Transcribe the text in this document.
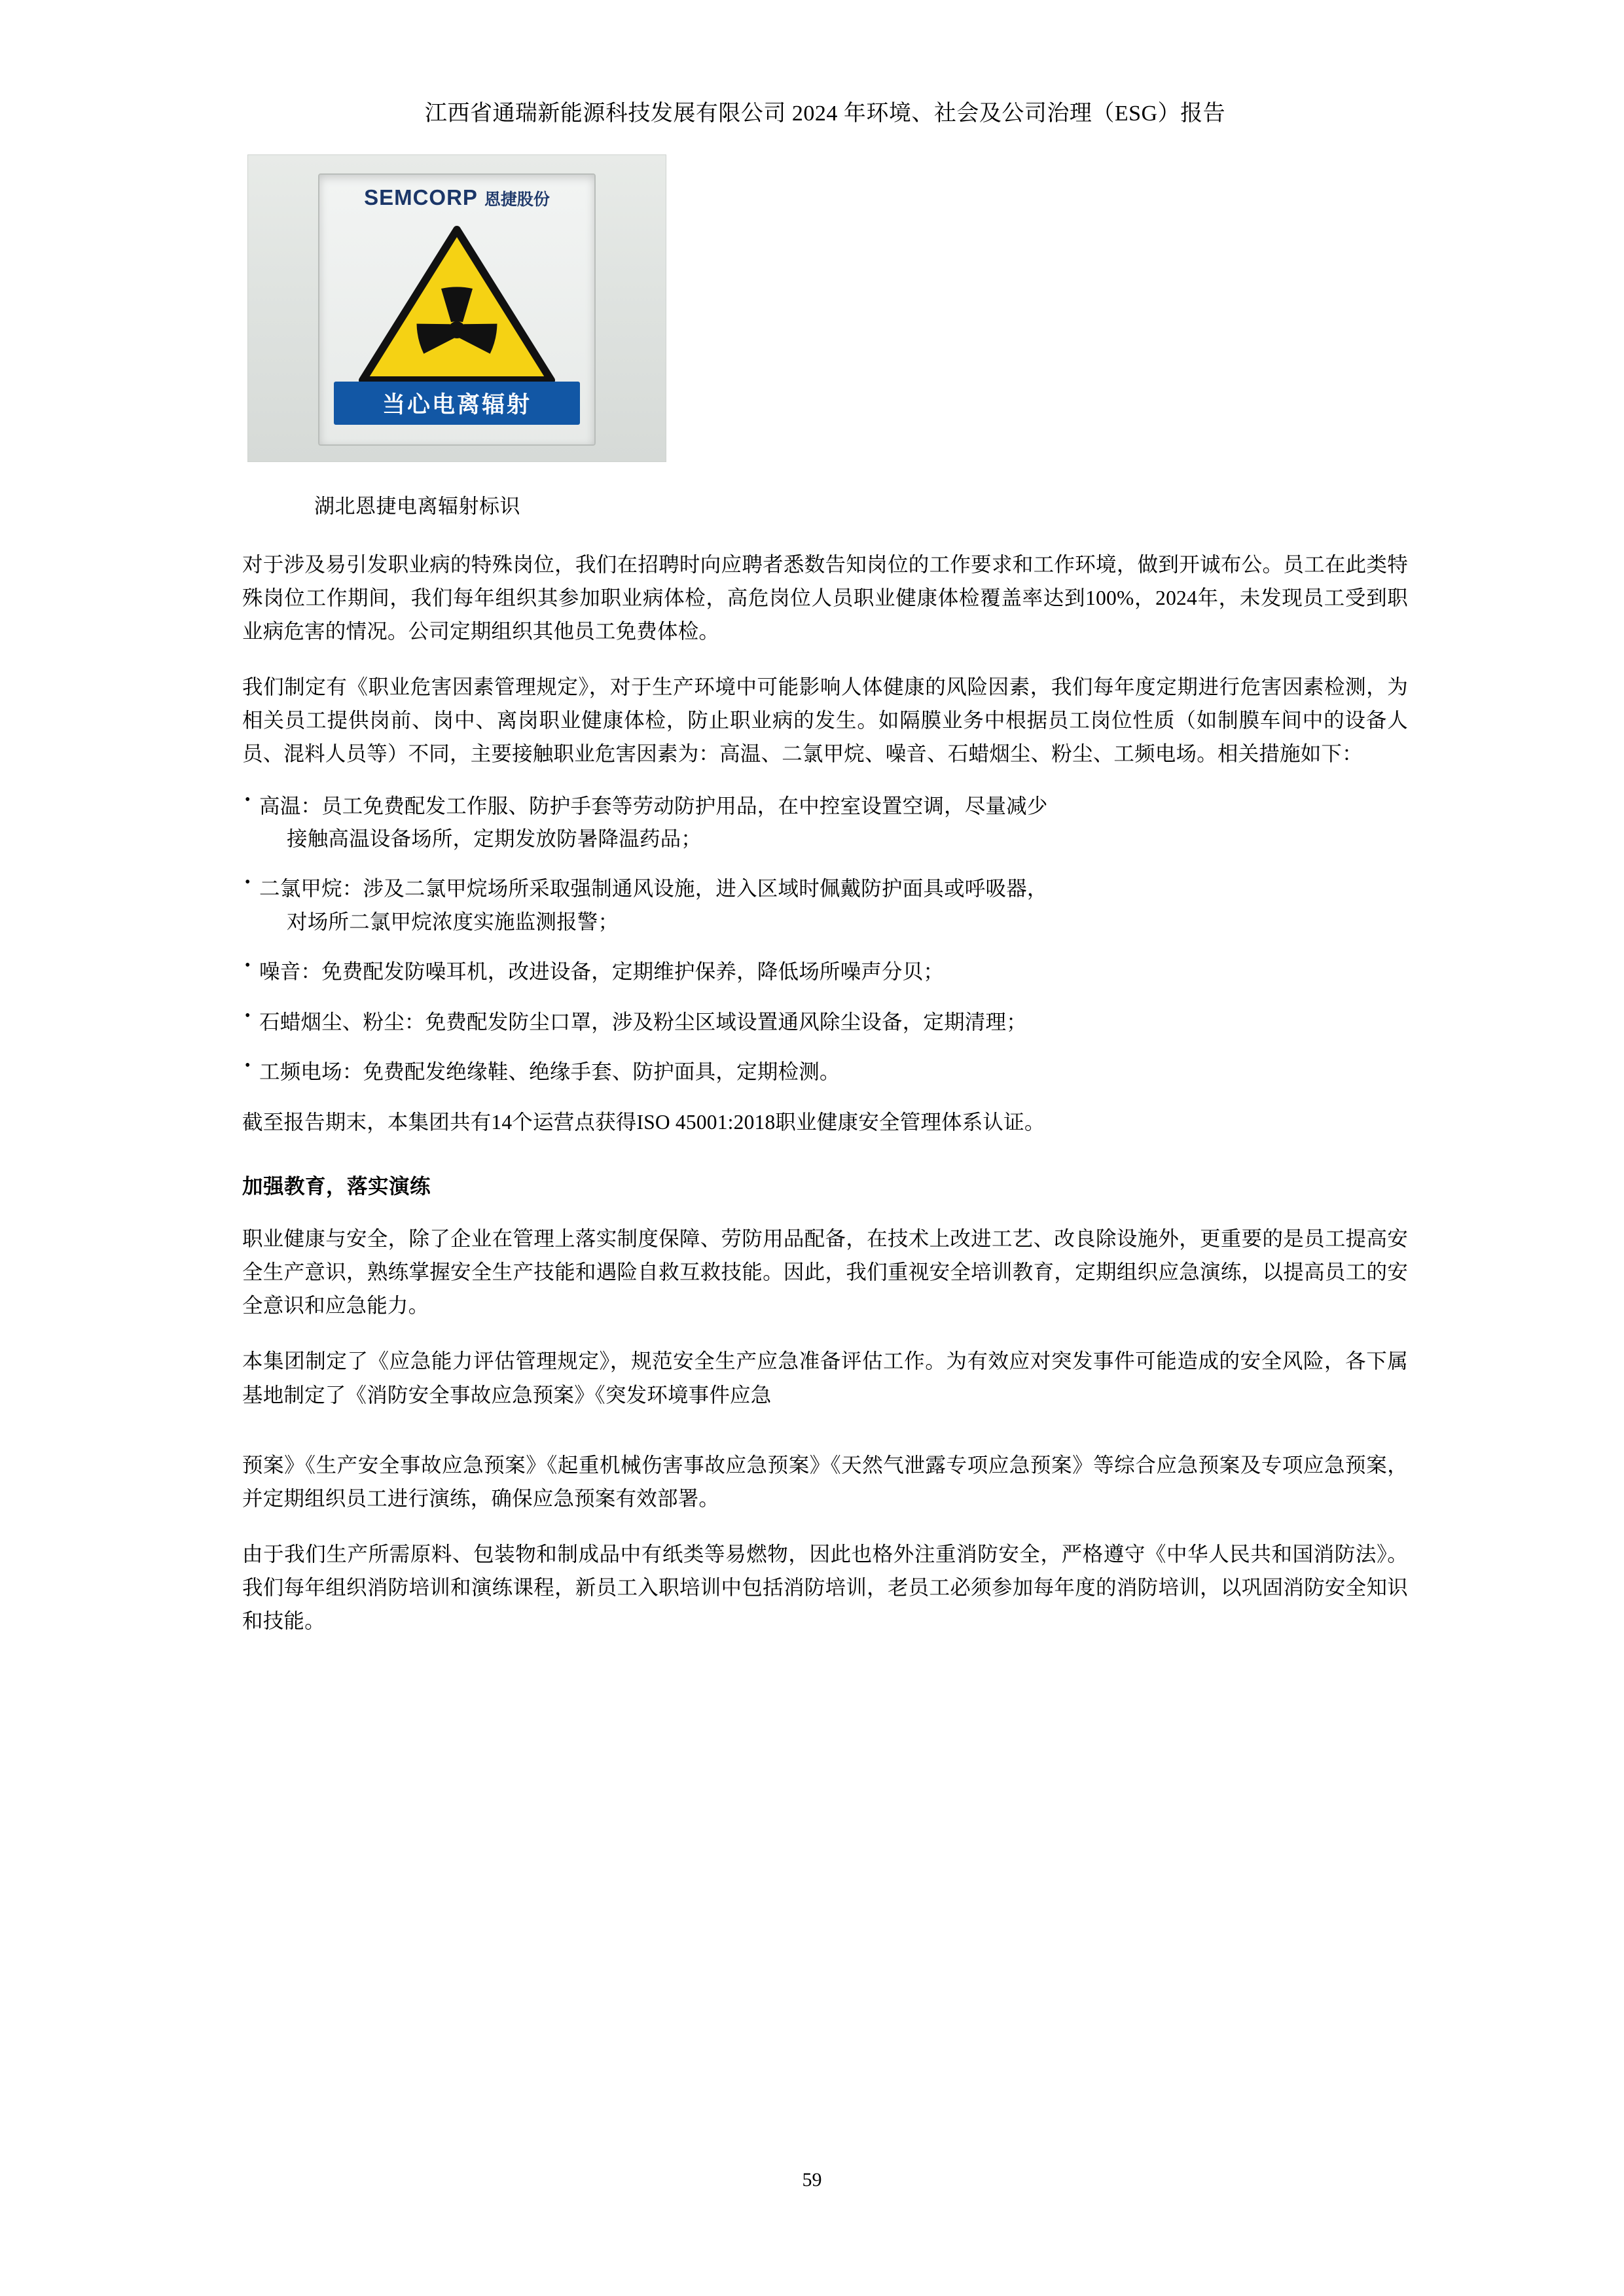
江西省通瑞新能源科技发展有限公司 2024 年环境、社会及公司治理（ESG）报告
SEMCORP 恩捷股份
当心电离辐射
湖北恩捷电离辐射标识

对于涉及易引发职业病的特殊岗位，我们在招聘时向应聘者悉数告知岗位的工作要求和工作环境，做到开诚布公。员工在此类特殊岗位工作期间，我们每年组织其参加职业病体检，高危岗位人员职业健康体检覆盖率达到100%，2024年，未发现员工受到职业病危害的情况。公司定期组织其他员工免费体检。

我们制定有《职业危害因素管理规定》，对于生产环境中可能影响人体健康的风险因素，我们每年度定期进行危害因素检测，为相关员工提供岗前、岗中、离岗职业健康体检，防止职业病的发生。如隔膜业务中根据员工岗位性质（如制膜车间中的设备人员、混料人员等）不同，主要接触职业危害因素为：高温、二氯甲烷、噪音、石蜡烟尘、粉尘、工频电场。相关措施如下：

• 高温：员工免费配发工作服、防护手套等劳动防护用品，在中控室设置空调，尽量减少
接触高温设备场所，定期发放防暑降温药品；
• 二氯甲烷：涉及二氯甲烷场所采取强制通风设施，进入区域时佩戴防护面具或呼吸器，
对场所二氯甲烷浓度实施监测报警；
• 噪音：免费配发防噪耳机，改进设备，定期维护保养，降低场所噪声分贝；
• 石蜡烟尘、粉尘：免费配发防尘口罩，涉及粉尘区域设置通风除尘设备，定期清理；
• 工频电场：免费配发绝缘鞋、绝缘手套、防护面具，定期检测。

截至报告期末，本集团共有14个运营点获得ISO 45001:2018职业健康安全管理体系认证。

加强教育，落实演练

职业健康与安全，除了企业在管理上落实制度保障、劳防用品配备，在技术上改进工艺、改良除设施外，更重要的是员工提高安全生产意识，熟练掌握安全生产技能和遇险自救互救技能。因此，我们重视安全培训教育，定期组织应急演练，以提高员工的安全意识和应急能力。

本集团制定了《应急能力评估管理规定》，规范安全生产应急准备评估工作。为有效应对突发事件可能造成的安全风险，各下属基地制定了《消防安全事故应急预案》《突发环境事件应急

预案》《生产安全事故应急预案》《起重机械伤害事故应急预案》《天然气泄露专项应急预案》等综合应急预案及专项应急预案，并定期组织员工进行演练，确保应急预案有效部署。

由于我们生产所需原料、包装物和制成品中有纸类等易燃物，因此也格外注重消防安全，严格遵守《中华人民共和国消防法》。我们每年组织消防培训和演练课程，新员工入职培训中包括消防培训，老员工必须参加每年度的消防培训，以巩固消防安全知识和技能。

59
